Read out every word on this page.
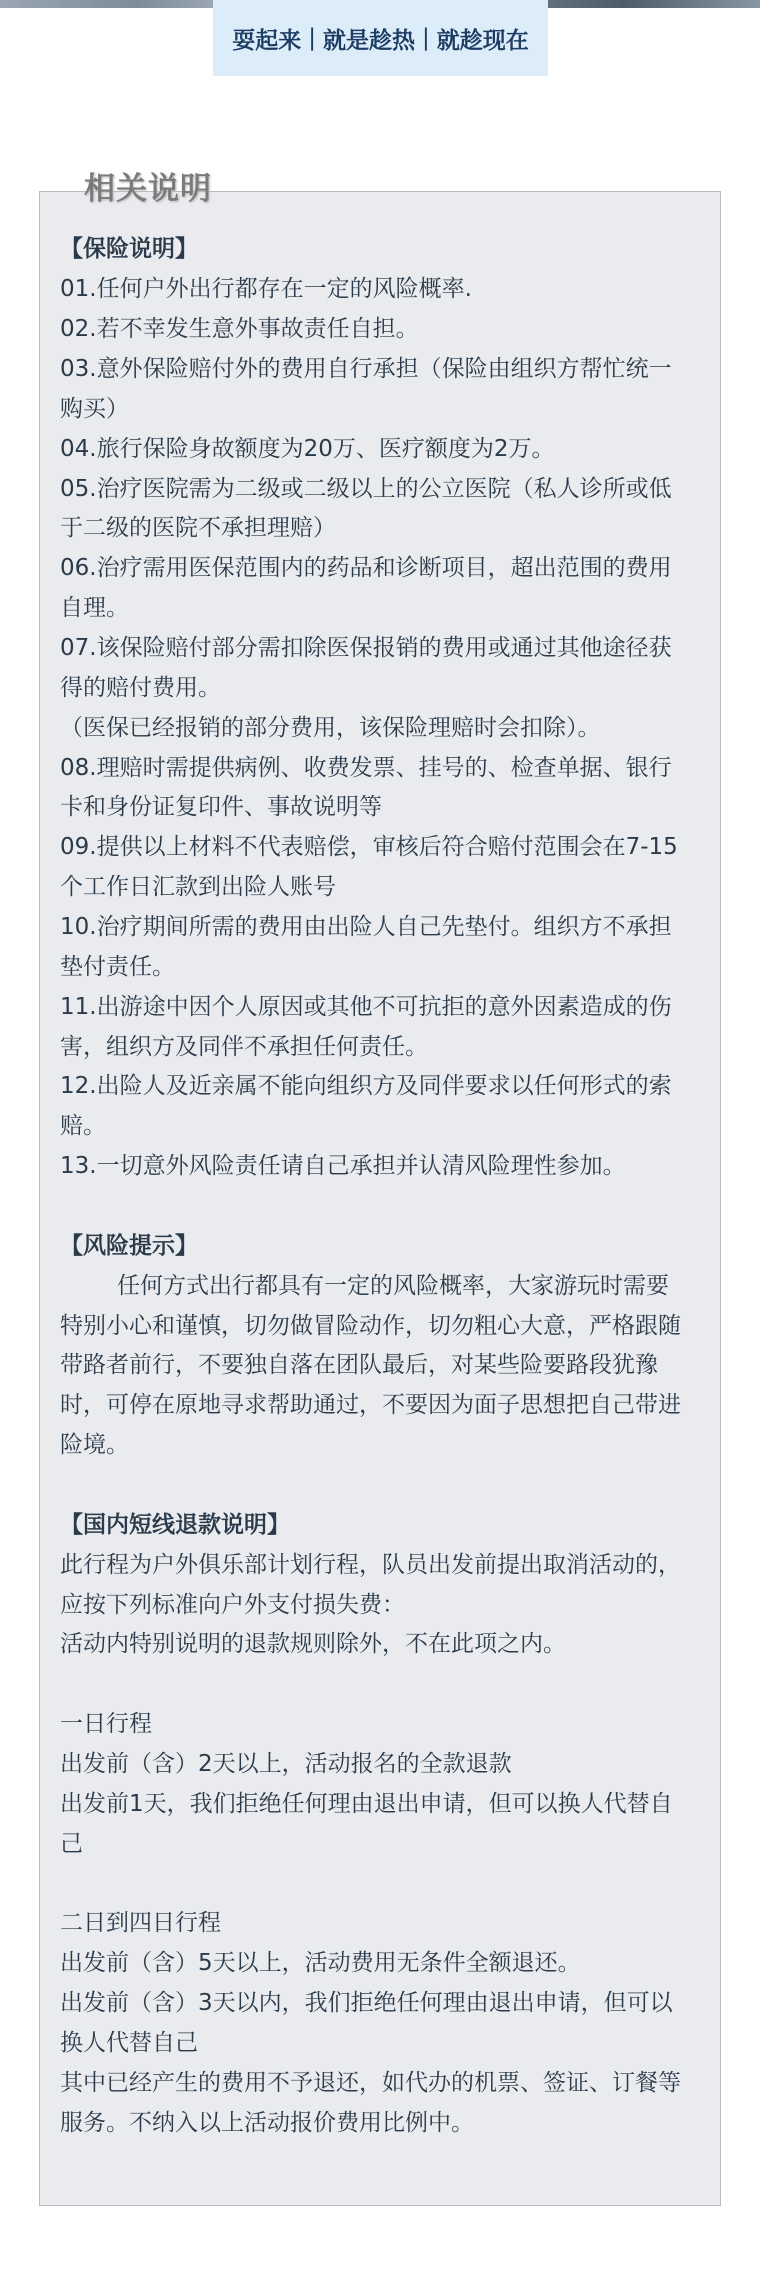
耍起来 | 就是趁热 | 就趁现在
相关说明
【保险说明】
01.任何户外出行都存在一定的风险概率.
02.若不幸发生意外事故责任自担。
03.意外保险赔付外的费用自行承担（保险由组织方帮忙统一
购买）
04.旅行保险身故额度为20万、医疗额度为2万。
05.治疗医院需为二级或二级以上的公立医院（私人诊所或低
于二级的医院不承担理赔）
06.治疗需用医保范围内的药品和诊断项目，超出范围的费用
自理。
07.该保险赔付部分需扣除医保报销的费用或通过其他途径获
得的赔付费用。
（医保已经报销的部分费用，该保险理赔时会扣除）。
08.理赔时需提供病例、收费发票、挂号的、检查单据、银行
卡和身份证复印件、事故说明等
09.提供以上材料不代表赔偿，审核后符合赔付范围会在7-15
个工作日汇款到出险人账号
10.治疗期间所需的费用由出险人自己先垫付。组织方不承担
垫付责任。
11.出游途中因个人原因或其他不可抗拒的意外因素造成的伤
害，组织方及同伴不承担任何责任。
12.出险人及近亲属不能向组织方及同伴要求以任何形式的索
赔。
13.一切意外风险责任请自己承担并认清风险理性参加。
【风险提示】
任何方式出行都具有一定的风险概率，大家游玩时需要
特别小心和谨慎，切勿做冒险动作，切勿粗心大意，严格跟随
带路者前行，不要独自落在团队最后，对某些险要路段犹豫
时，可停在原地寻求帮助通过，不要因为面子思想把自己带进
险境。
【国内短线退款说明】
此行程为户外俱乐部计划行程，队员出发前提出取消活动的，
应按下列标准向户外支付损失费：
活动内特别说明的退款规则除外，不在此项之内。
一日行程
出发前（含）2天以上，活动报名的全款退款
出发前1天，我们拒绝任何理由退出申请，但可以换人代替自
己
二日到四日行程
出发前（含）5天以上，活动费用无条件全额退还。
出发前（含）3天以内，我们拒绝任何理由退出申请，但可以
换人代替自己
其中已经产生的费用不予退还，如代办的机票、签证、订餐等
服务。不纳入以上活动报价费用比例中。
